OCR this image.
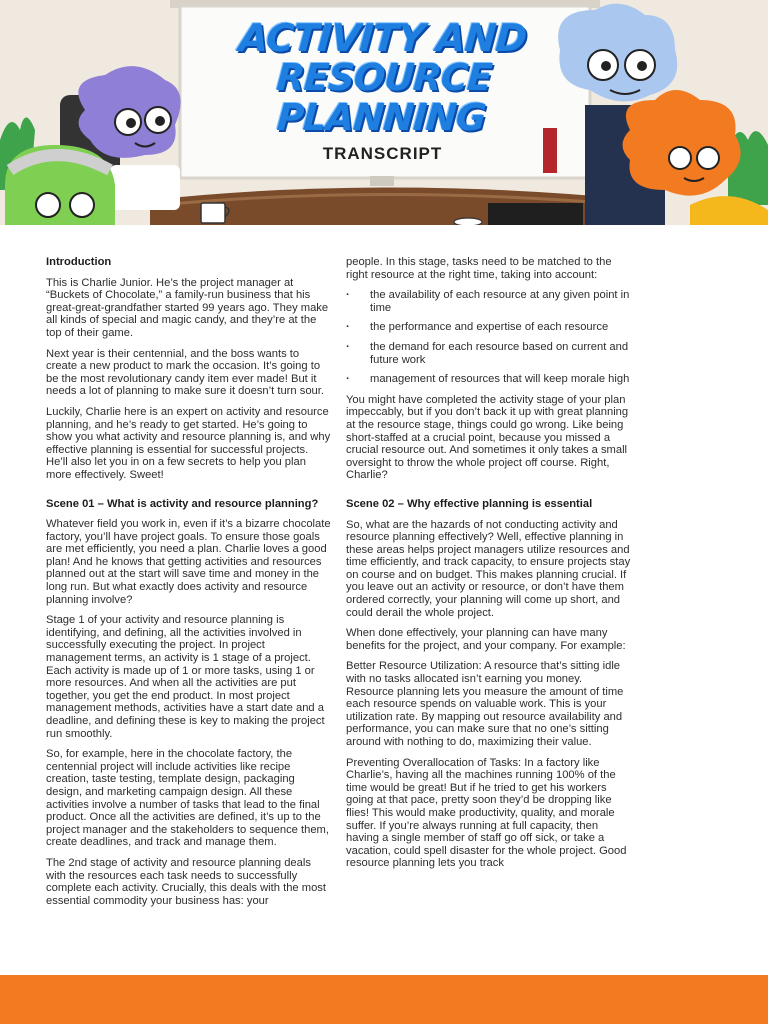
ACTIVITY AND
RESOURCE PLANNING
TRANSCRIPT
Introduction

This is Charlie Junior. He’s the project manager at “Buckets of Chocolate,” a family-run business that his great-great-grandfather started 99 years ago. They make all kinds of special and magic candy, and they’re at the top of their game.

Next year is their centennial, and the boss wants to create a new product to mark the occasion. It’s going to be the most revolutionary candy item ever made! But it needs a lot of planning to make sure it doesn’t turn sour.

Luckily, Charlie here is an expert on activity and resource planning, and he’s ready to get started. He’s going to show you what activity and resource planning is, and why effective planning is essential for successful projects. He’ll also let you in on a few secrets to help you plan more effectively. Sweet!

Scene 01 – What is activity and resource planning?

Whatever field you work in, even if it’s a bizarre chocolate factory, you’ll have project goals. To ensure those goals are met efficiently, you need a plan. Charlie loves a good plan! And he knows that getting activities and resources planned out at the start will save time and money in the long run. But what exactly does activity and resource planning involve?

Stage 1 of your activity and resource planning is identifying, and defining, all the activities involved in successfully executing the project. In project management terms, an activity is 1 stage of a project. Each activity is made up of 1 or more tasks, using 1 or more resources. And when all the activities are put together, you get the end product. In most project management methods, activities have a start date and a deadline, and defining these is key to making the project run smoothly.

So, for example, here in the chocolate factory, the centennial project will include activities like recipe creation, taste testing, template design, packaging design, and marketing campaign design. All these activities involve a number of tasks that lead to the final product. Once all the activities are defined, it’s up to the project manager and the stakeholders to sequence them, create deadlines, and track and manage them.

The 2nd stage of activity and resource planning deals with the resources each task needs to successfully complete each activity. Crucially, this deals with the most essential commodity your business has: your

people. In this stage, tasks need to be matched to the right resource at the right time, taking into account:

· the availability of each resource at any given point in time
· the performance and expertise of each resource
· the demand for each resource based on current and future work
· management of resources that will keep morale high

You might have completed the activity stage of your plan impeccably, but if you don’t back it up with great planning at the resource stage, things could go wrong. Like being short-staffed at a crucial point, because you missed a crucial resource out. And sometimes it only takes a small oversight to throw the whole project off course. Right, Charlie?

Scene 02 – Why effective planning is essential

So, what are the hazards of not conducting activity and resource planning effectively? Well, effective planning in these areas helps project managers utilize resources and time efficiently, and track capacity, to ensure projects stay on course and on budget. This makes planning crucial. If you leave out an activity or resource, or don’t have them ordered correctly, your planning will come up short, and could derail the whole project.

When done effectively, your planning can have many benefits for the project, and your company. For example:

Better Resource Utilization: A resource that’s sitting idle with no tasks allocated isn’t earning you money. Resource planning lets you measure the amount of time each resource spends on valuable work. This is your utilization rate. By mapping out resource availability and performance, you can make sure that no one’s sitting around with nothing to do, maximizing their value.

Preventing Overallocation of Tasks: In a factory like Charlie’s, having all the machines running 100% of the time would be great! But if he tried to get his workers going at that pace, pretty soon they’d be dropping like flies! This would make productivity, quality, and morale suffer. If you’re always running at full capacity, then having a single member of staff go off sick, or take a vacation, could spell disaster for the whole project. Good resource planning lets you track
